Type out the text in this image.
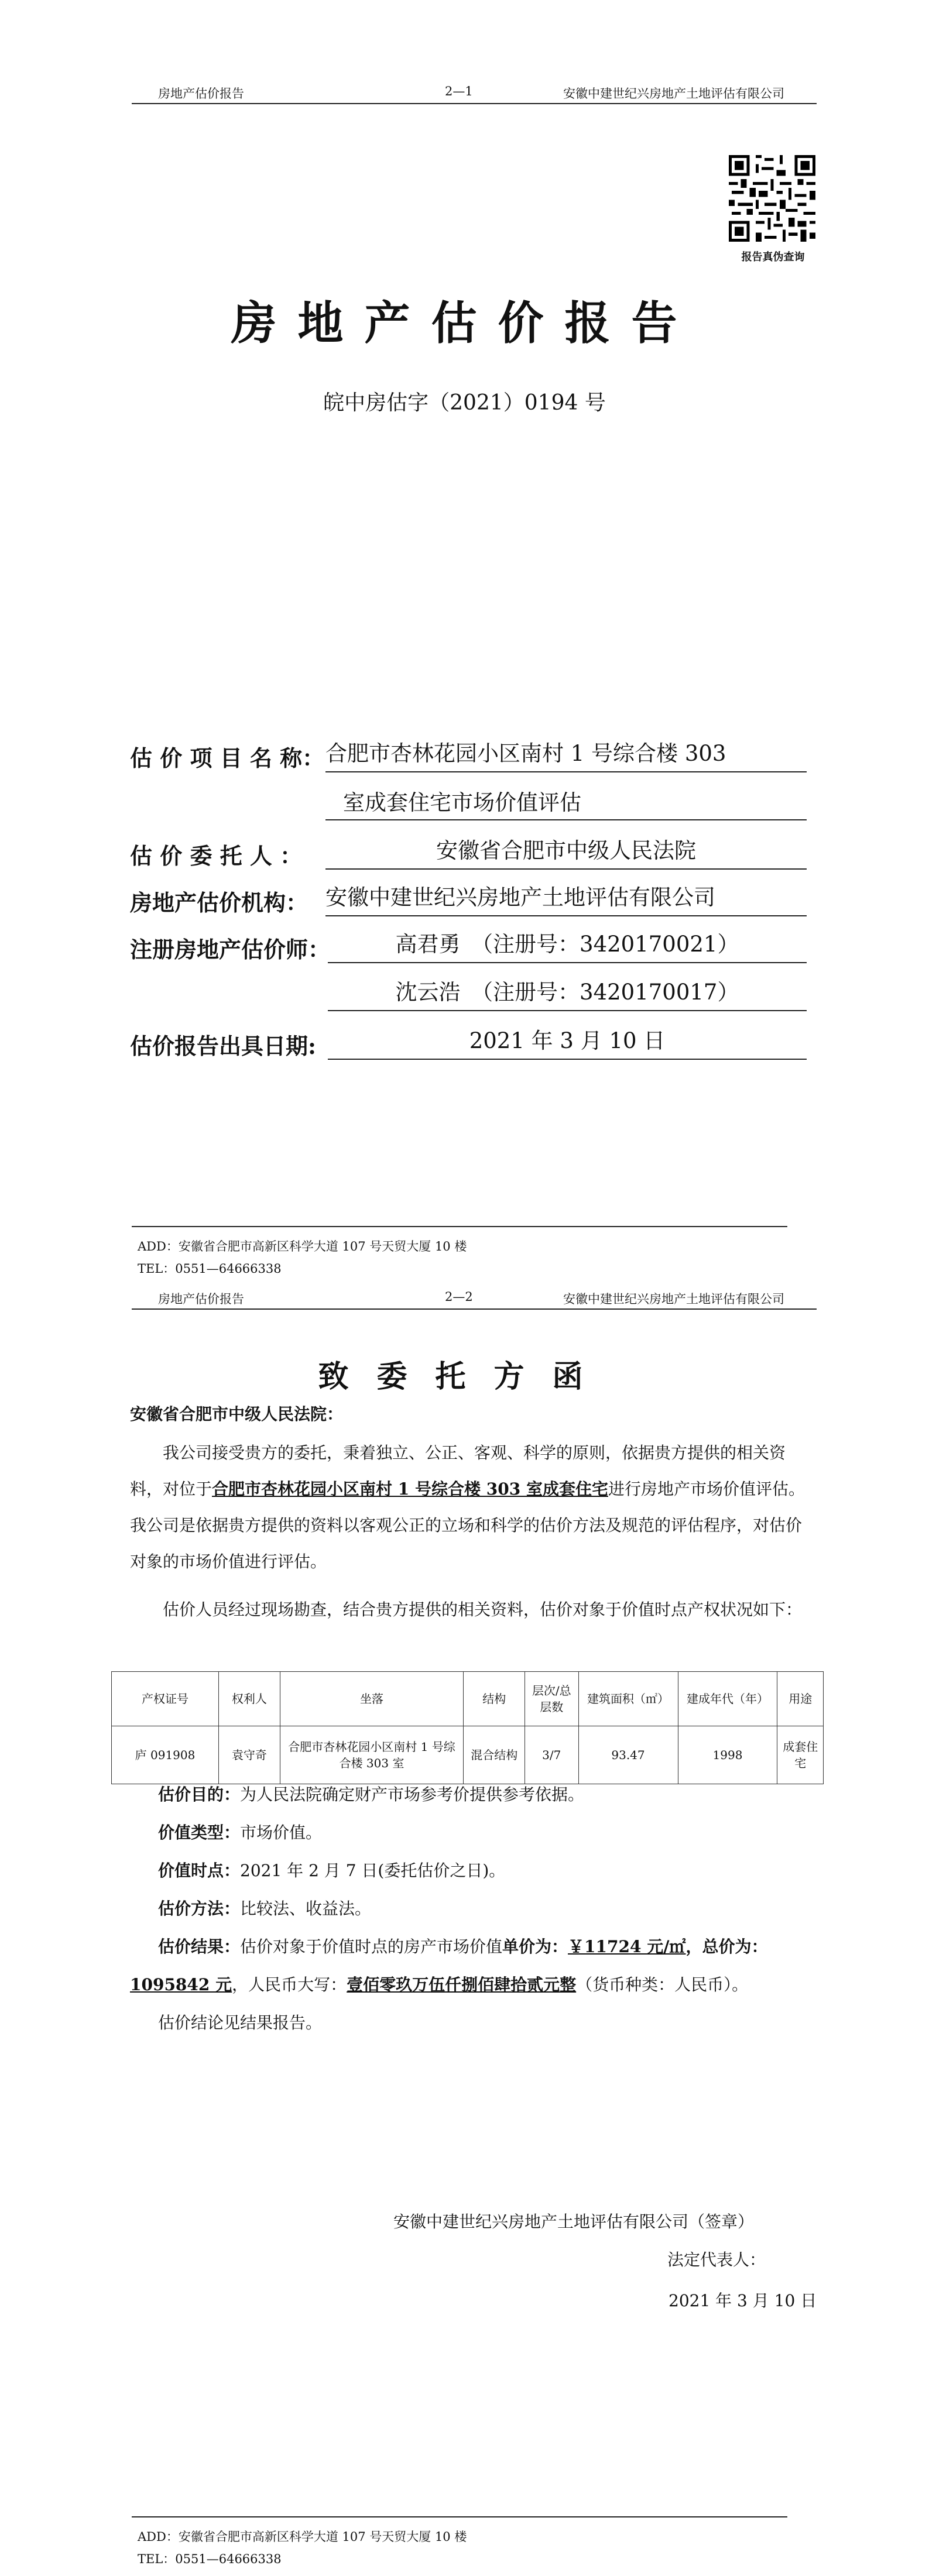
房地产估价报告	2—1	安徽中建世纪兴房地产土地评估有限公司
报告真伪查询
房地产估价报告
皖中房估字（2021）0194 号
估 价 项 目 名 称： 合肥市杏林花园小区南村 1 号综合楼 303
室成套住宅市场价值评估
估 价 委 托 人 ：	安徽省合肥市中级人民法院
房地产估价机构： 安徽中建世纪兴房地产土地评估有限公司
注册房地产估价师：	高君勇　（注册号：3420170021）
沈云浩　（注册号：3420170017）
估价报告出具日期:	2021 年 3 月 10 日
ADD：安徽省合肥市高新区科学大道 107 号天贸大厦 10 楼
TEL：0551—64666338
房地产估价报告	2—2	安徽中建世纪兴房地产土地评估有限公司
致委托方函
安徽省合肥市中级人民法院：
我公司接受贵方的委托，秉着独立、公正、客观、科学的原则，依据贵方提供的相关资料，对位于合肥市杏林花园小区南村 1 号综合楼 303 室成套住宅进行房地产市场价值评估。我公司是依据贵方提供的资料以客观公正的立场和科学的估价方法及规范的评估程序，对估价对象的市场价值进行评估。
估价人员经过现场勘查，结合贵方提供的相关资料，估价对象于价值时点产权状况如下：
产权证号	权利人	坐落	结构	层次/总层数	建筑面积（㎡）	建成年代（年）	用途
庐 091908	袁守奇	合肥市杏林花园小区南村 1 号综合楼 303 室	混合结构	3/7	93.47	1998	成套住宅
估价目的：为人民法院确定财产市场参考价提供参考依据。
价值类型：市场价值。
价值时点：2021 年 2 月 7 日(委托估价之日)。
估价方法：比较法、收益法。
估价结果：估价对象于价值时点的房产市场价值单价为：￥11724 元/㎡，总价为：
1095842 元，人民币大写：壹佰零玖万伍仟捌佰肆拾贰元整（货币种类：人民币）。
估价结论见结果报告。
安徽中建世纪兴房地产土地评估有限公司（签章）
法定代表人：
2021 年 3 月 10 日
ADD：安徽省合肥市高新区科学大道 107 号天贸大厦 10 楼
TEL：0551—64666338
